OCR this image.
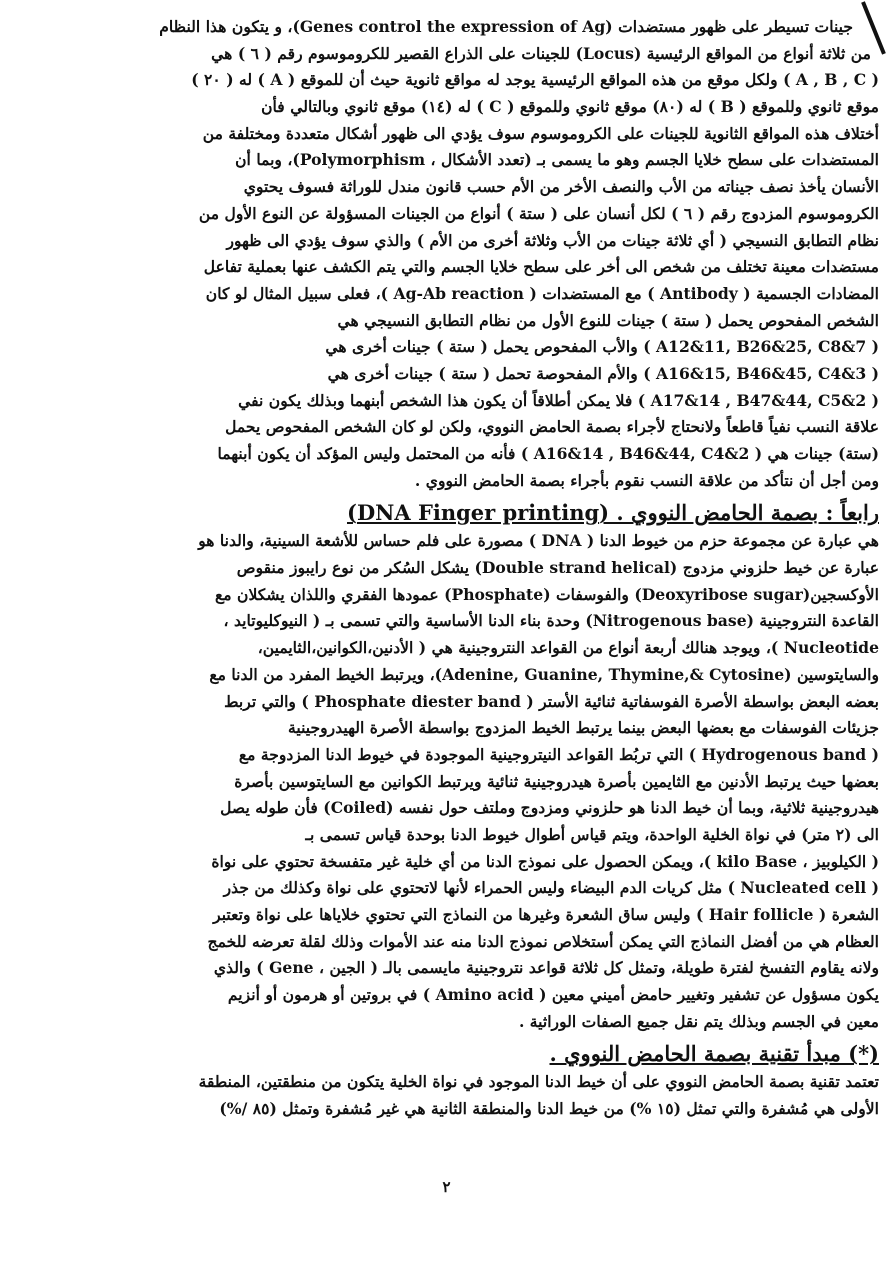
جينات تسيطر على ظهور مستضدات (Genes control the expression of Ag)، و يتكون هذا النظام
من ثلاثة أنواع من المواقع الرئيسية (Locus) للجينات على الذراع القصير للكروموسوم رقم ( ٦ ) هي
( A , B , C ) ولكل موقع من هذه المواقع الرئيسية يوجد له مواقع ثانوية حيث أن للموقع ( A ) له ( ٢٠ )
موقع ثانوي وللموقع ( B ) له (٨٠) موقع ثانوي وللموقع ( C ) له (١٤) موقع ثانوي وبالتالي فأن
أختلاف هذه المواقع الثانوية للجينات على الكروموسوم سوف يؤدي الى ظهور أشكال متعددة ومختلفة من
المستضدات على سطح خلايا الجسم وهو ما يسمى بـ (تعدد الأشكال ، Polymorphism)، وبما أن
الأنسان يأخذ نصف جيناته من الأب والنصف الأخر من الأم حسب قانون مندل للوراثة فسوف يحتوي
الكروموسوم المزدوج رقم ( ٦ ) لكل أنسان على ( ستة ) أنواع من الجينات المسؤولة عن النوع الأول من
نظام التطابق النسيجي ( أي ثلاثة جينات من الأب وثلاثة أخرى من الأم ) والذي سوف يؤدي الى ظهور
مستضدات معينة تختلف من شخص الى أخر على سطح خلايا الجسم والتي يتم الكشف عنها بعملية تفاعل
المضادات الجسمية ( Antibody ) مع المستضدات ( Ag-Ab reaction )، فعلى سبيل المثال لو كان
الشخص المفحوص يحمل ( ستة ) جينات للنوع الأول من نظام التطابق النسيجي هي
( A12&11, B26&25, C8&7 ) والأب المفحوص يحمل ( ستة ) جينات أخرى هي
( A16&15, B46&45, C4&3 ) والأم المفحوصة تحمل ( ستة ) جينات أخرى هي
( A17&14 , B47&44, C5&2 ) فلا يمكن أطلاقاً أن يكون هذا الشخص أبنهما وبذلك يكون نفي
علاقة النسب نفياً قاطعاً ولانحتاج لأجراء بصمة الحامض النووي، ولكن لو كان الشخص المفحوص يحمل
(ستة) جينات هي ( A16&14 , B46&44, C4&2 ) فأنه من المحتمل وليس المؤكد أن يكون أبنهما
ومن أجل أن نتأكد من علاقة النسب نقوم بأجراء بصمة الحامض النووي .
رابعاً : بصمة الحامض النووي . (DNA Finger printing)
هي عبارة عن مجموعة حزم من خيوط الدنا ( DNA ) مصورة على فلم حساس للأشعة السينية، والدنا هو
عبارة عن خيط حلزوني مزدوج (Double strand helical) يشكل السُكر من نوع رايبوز منقوص
الأوكسجين(Deoxyribose sugar) والفوسفات (Phosphate) عمودها الفقري واللذان يشكلان مع
القاعدة النتروجينية (Nitrogenous base) وحدة بناء الدنا الأساسية والتي تسمى بـ ( النيوكليوتايد ،
Nucleotide )، ويوجد هنالك أربعة أنواع من القواعد النتروجينية هي ( الأدنين،الكوانين،الثايمين،
والسايتوسين (Adenine, Guanine, Thymine,& Cytosine)، ويرتبط الخيط المفرد من الدنا مع
بعضه البعض بواسطة الأصرة الفوسفاتية ثنائية الأستر ( Phosphate diester band ) والتي تربط
جزيئات الفوسفات مع بعضها البعض بينما يرتبط الخيط المزدوج بواسطة الأصرة الهيدروجينية
( Hydrogenous band ) التي تربُط القواعد النيتروجينية الموجودة في خيوط الدنا المزدوجة مع
بعضها حيث يرتبط الأدنين مع الثايمين بأصرة هيدروجينية ثنائية ويرتبط الكوانين مع السايتوسين بأصرة
هيدروجينية ثلاثية، وبما أن خيط الدنا هو حلزوني ومزدوج وملتف حول نفسه (Coiled) فأن طوله يصل
الى (٢ متر) في نواة الخلية الواحدة، ويتم قياس أطوال خيوط الدنا بوحدة قياس تسمى بـ
( الكيلوبيز ، kilo Base )، ويمكن الحصول على نموذج الدنا من أي خلية غير متفسخة تحتوي على نواة
( Nucleated cell ) مثل كريات الدم البيضاء وليس الحمراء لأنها لاتحتوي على نواة وكذلك من جذر
الشعرة ( Hair follicle ) وليس ساق الشعرة وغيرها من النماذج التي تحتوي خلاياها على نواة وتعتبر
العظام هي من أفضل النماذج التي يمكن أستخلاص نموذج الدنا منه عند الأموات وذلك لقلة تعرضه للخمج
ولانه يقاوم التفسخ لفترة طويلة، وتمثل كل ثلاثة قواعد نتروجينية مايسمى بالـ ( الجين ، Gene ) والذي
يكون مسؤول عن تشفير وتغيير حامض أميني معين ( Amino acid ) في بروتين أو هرمون أو أنزيم
معين في الجسم وبذلك يتم نقل جميع الصفات الوراثية .
(*) مبدأ تقنية بصمة الحامض النووي .
تعتمد تقنية بصمة الحامض النووي على أن خيط الدنا الموجود في نواة الخلية يتكون من منطقتين، المنطقة
الأولى هي مُشفرة والتي تمثل (١٥ %) من خيط الدنا والمنطقة الثانية هي غير مُشفرة وتمثل (٨٥ /%)
٢
